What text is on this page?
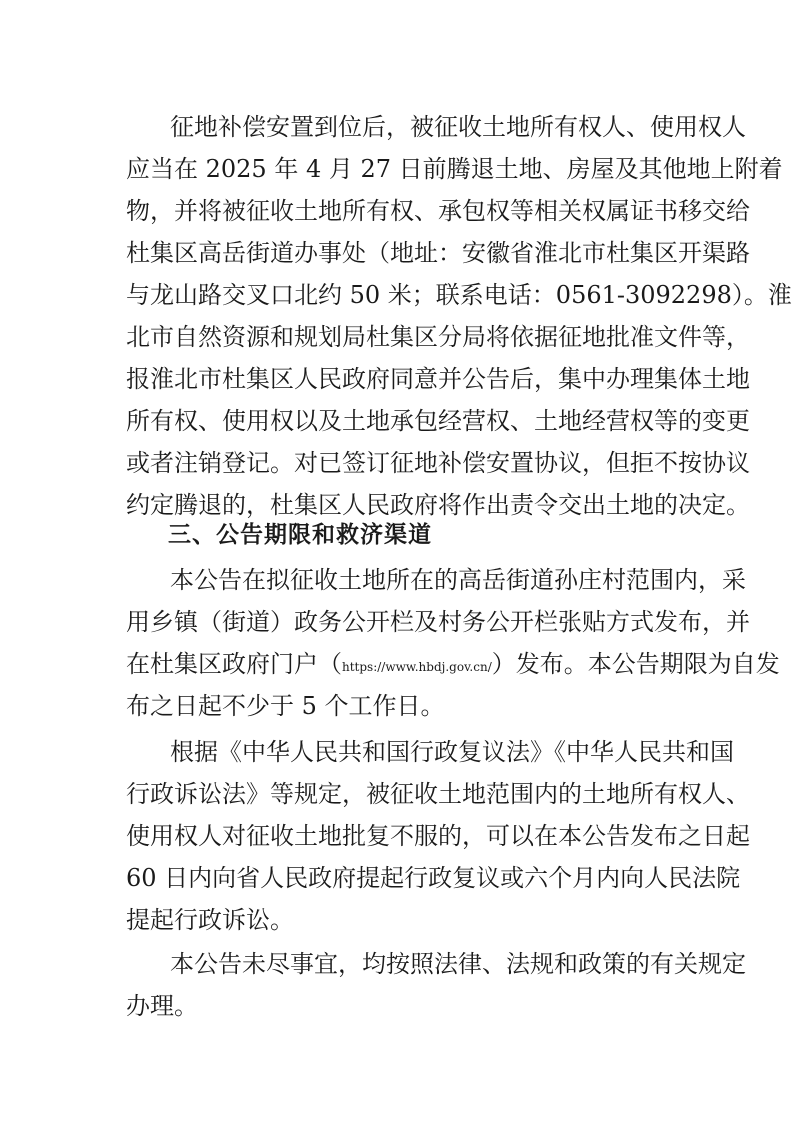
征地补偿安置到位后，被征收土地所有权人、使用权人
应当在 2025 年 4 月 27 日前腾退土地、房屋及其他地上附着
物，并将被征收土地所有权、承包权等相关权属证书移交给
杜集区高岳街道办事处（地址：安徽省淮北市杜集区开渠路
与龙山路交叉口北约 50 米；联系电话：0561-3092298）。淮
北市自然资源和规划局杜集区分局将依据征地批准文件等，
报淮北市杜集区人民政府同意并公告后，集中办理集体土地
所有权、使用权以及土地承包经营权、土地经营权等的变更
或者注销登记。对已签订征地补偿安置协议，但拒不按协议
约定腾退的，杜集区人民政府将作出责令交出土地的决定。
三、公告期限和救济渠道
本公告在拟征收土地所在的高岳街道孙庄村范围内，采
用乡镇（街道）政务公开栏及村务公开栏张贴方式发布，并
在杜集区政府门户（https://www.hbdj.gov.cn/）发布。本公告期限为自发
布之日起不少于 5 个工作日。
根据《中华人民共和国行政复议法》《中华人民共和国
行政诉讼法》等规定，被征收土地范围内的土地所有权人、
使用权人对征收土地批复不服的，可以在本公告发布之日起
60 日内向省人民政府提起行政复议或六个月内向人民法院
提起行政诉讼。
本公告未尽事宜，均按照法律、法规和政策的有关规定
办理。
